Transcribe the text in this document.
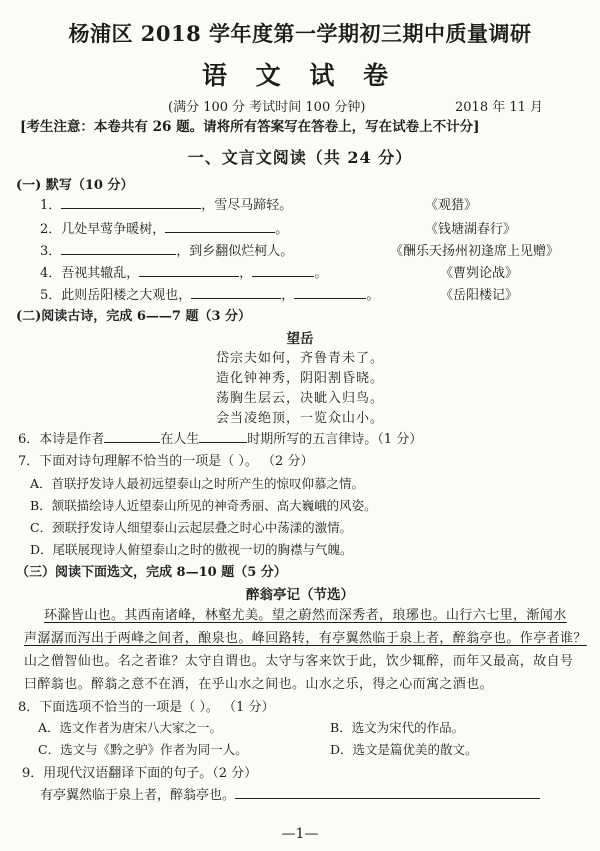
杨浦区 2018 学年度第一学期初三期中质量调研
语 文 试 卷
(满分 100 分 考试时间 100 分钟)	2018 年 11 月
[考生注意：本卷共有 26 题。请将所有答案写在答卷上，写在试卷上不计分]
一、文言文阅读（共 24 分）
(一) 默写（10 分）
1．	，雪尽马蹄轻。	《观猎》
2．几处早莺争暖树，	。	《钱塘湖春行》
3．	，到乡翻似烂柯人。	《酬乐天扬州初逢席上见赠》
4．吾视其辙乱，	，	。	《曹刿论战》
5．此则岳阳楼之大观也，	，	。	《岳阳楼记》
(二)阅读古诗，完成 6——7 题（3 分）
望岳
岱宗夫如何，齐鲁青未了。
造化钟神秀，阴阳割昏晓。
荡胸生层云，决眦入归鸟。
会当凌绝顶，一览众山小。
6．本诗是作者	在人生	时期所写的五言律诗。（1 分）
7．下面对诗句理解不恰当的一项是（ ）。 （2 分）
A．首联抒发诗人最初远望泰山之时所产生的惊叹仰慕之情。
B．颔联描绘诗人近望泰山所见的神奇秀丽、高大巍峨的风姿。
C．颈联抒发诗人细望泰山云起层叠之时心中荡漾的激情。
D．尾联展现诗人俯望泰山之时的傲视一切的胸襟与气魄。
（三）阅读下面选文，完成 8—10 题（5 分）
醉翁亭记（节选）
环滁皆山也。其西南诸峰，林壑尤美。望之蔚然而深秀者，琅琊也。山行六七里，渐闻水
声潺潺而泻出于两峰之间者，酿泉也。峰回路转，有亭翼然临于泉上者，醉翁亭也。作亭者谁？
山之僧智仙也。名之者谁？太守自谓也。太守与客来饮于此，饮少辄醉，而年又最高，故自号
曰醉翁也。醉翁之意不在酒，在乎山水之间也。山水之乐，得之心而寓之酒也。
8．下面选项不恰当的一项是（ ）。 （1 分）
A．选文作者为唐宋八大家之一。	B．选文为宋代的作品。
C．选文与《黔之驴》作者为同一人。	D．选文是篇优美的散文。
9．用现代汉语翻译下面的句子。（2 分）
有亭翼然临于泉上者，醉翁亭也。
—1—
